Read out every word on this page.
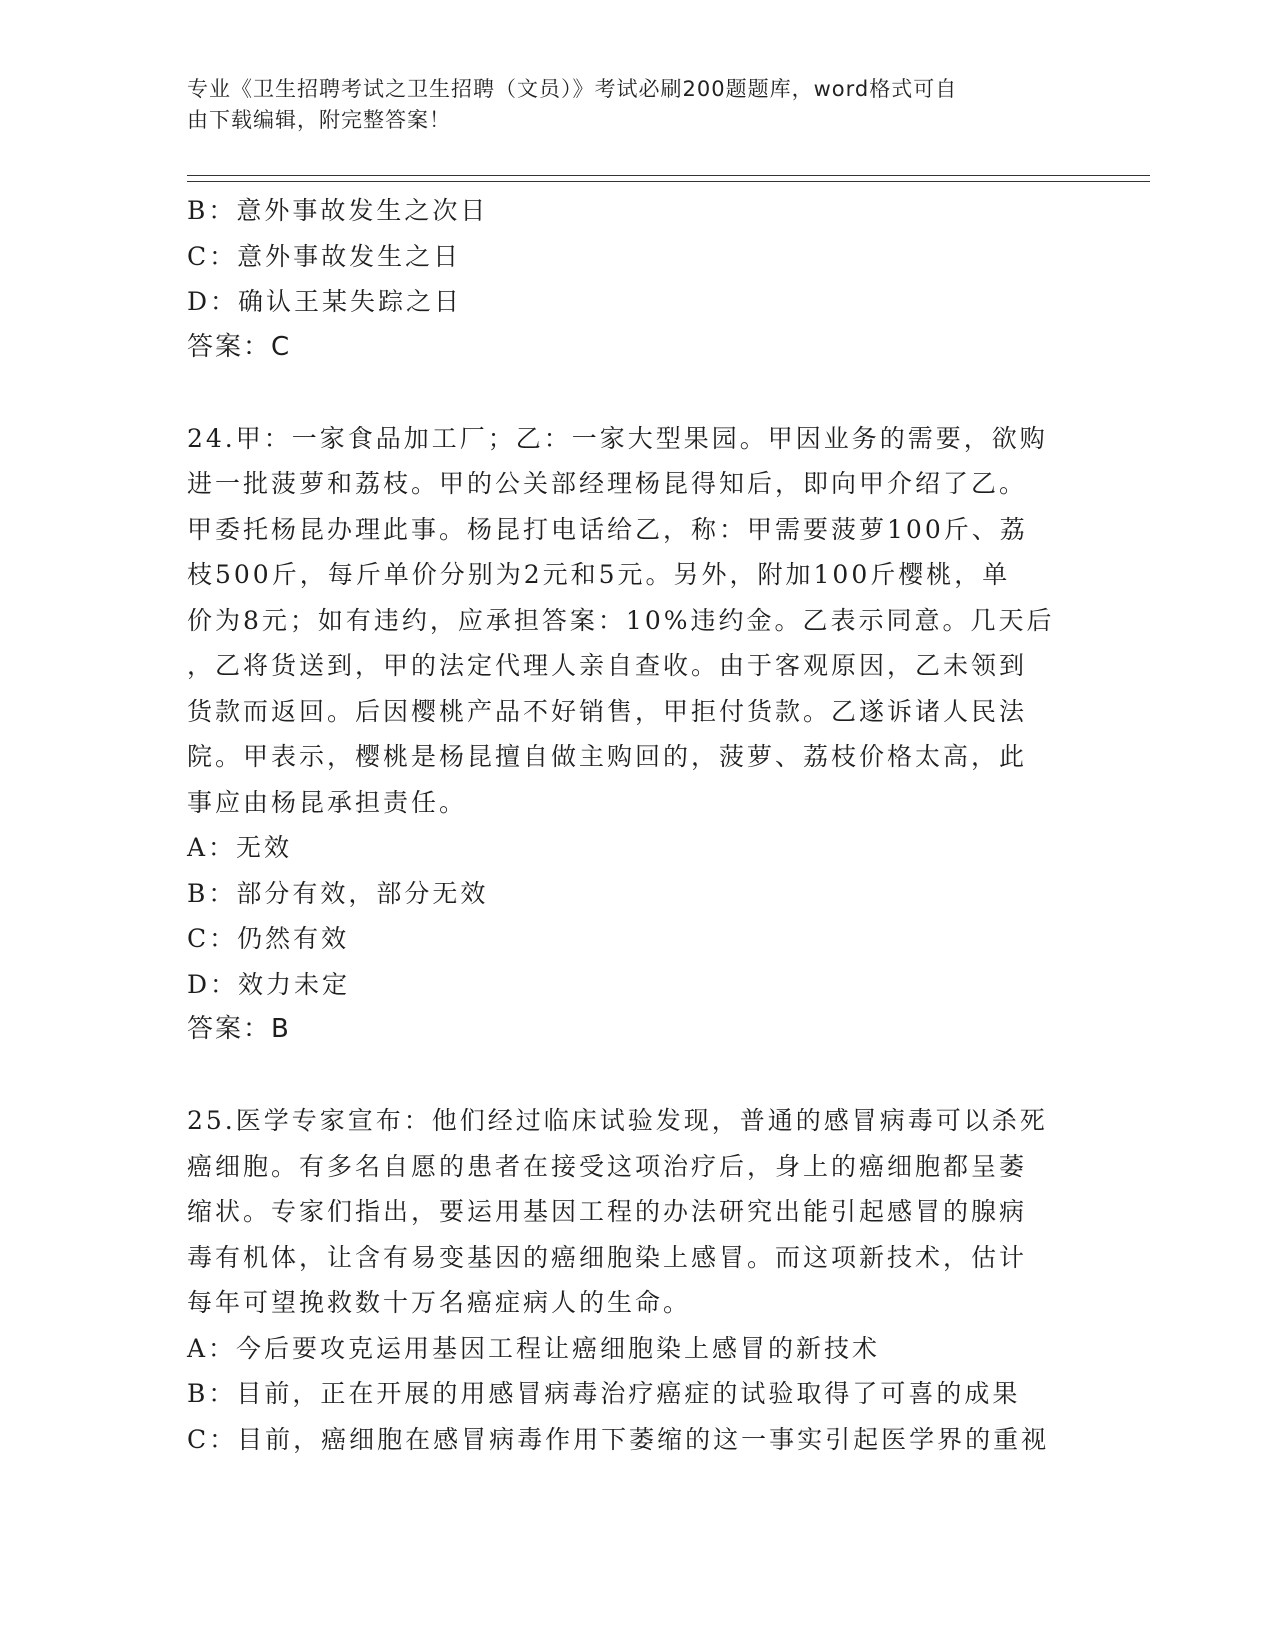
专业《卫生招聘考试之卫生招聘（文员）》考试必刷200题题库，word格式可自
由下载编辑，附完整答案！
B：意外事故发生之次日
C：意外事故发生之日
D：确认王某失踪之日
答案：C
24.甲：一家食品加工厂；乙：一家大型果园。甲因业务的需要，欲购
进一批菠萝和荔枝。甲的公关部经理杨昆得知后，即向甲介绍了乙。
甲委托杨昆办理此事。杨昆打电话给乙，称：甲需要菠萝100斤、荔
枝500斤，每斤单价分别为2元和5元。另外，附加100斤樱桃，单
价为8元；如有违约，应承担答案：10%违约金。乙表示同意。几天后
，乙将货送到，甲的法定代理人亲自查收。由于客观原因，乙未领到
货款而返回。后因樱桃产品不好销售，甲拒付货款。乙遂诉诸人民法
院。甲表示，樱桃是杨昆擅自做主购回的，菠萝、荔枝价格太高，此
事应由杨昆承担责任。
A：无效
B：部分有效，部分无效
C：仍然有效
D：效力未定
答案：B
25.医学专家宣布：他们经过临床试验发现，普通的感冒病毒可以杀死
癌细胞。有多名自愿的患者在接受这项治疗后，身上的癌细胞都呈萎
缩状。专家们指出，要运用基因工程的办法研究出能引起感冒的腺病
毒有机体，让含有易变基因的癌细胞染上感冒。而这项新技术，估计
每年可望挽救数十万名癌症病人的生命。
A：今后要攻克运用基因工程让癌细胞染上感冒的新技术
B：目前，正在开展的用感冒病毒治疗癌症的试验取得了可喜的成果
C：目前，癌细胞在感冒病毒作用下萎缩的这一事实引起医学界的重视
